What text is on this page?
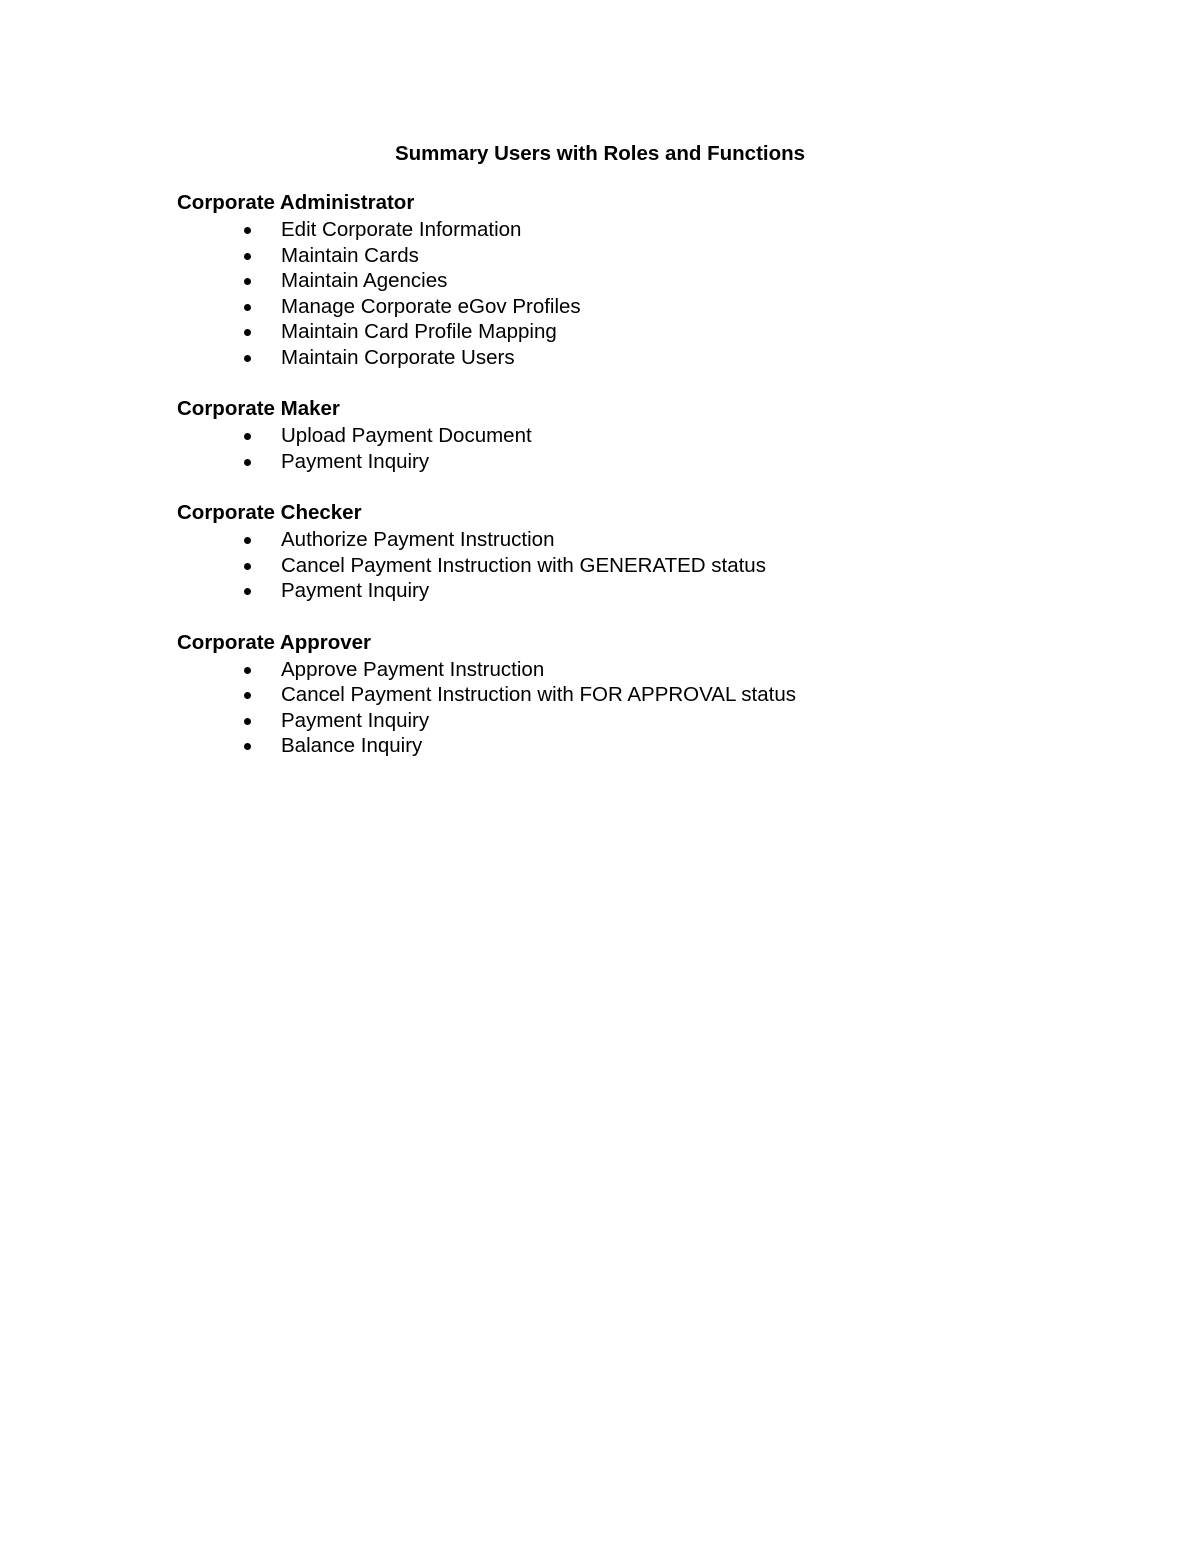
Summary Users with Roles and Functions
Corporate Administrator
Edit Corporate Information
Maintain Cards
Maintain Agencies
Manage Corporate eGov Profiles
Maintain Card Profile Mapping
Maintain Corporate Users
Corporate Maker
Upload Payment Document
Payment Inquiry
Corporate Checker
Authorize Payment Instruction
Cancel Payment Instruction with GENERATED status
Payment Inquiry
Corporate Approver
Approve Payment Instruction
Cancel Payment Instruction with FOR APPROVAL status
Payment Inquiry
Balance Inquiry
